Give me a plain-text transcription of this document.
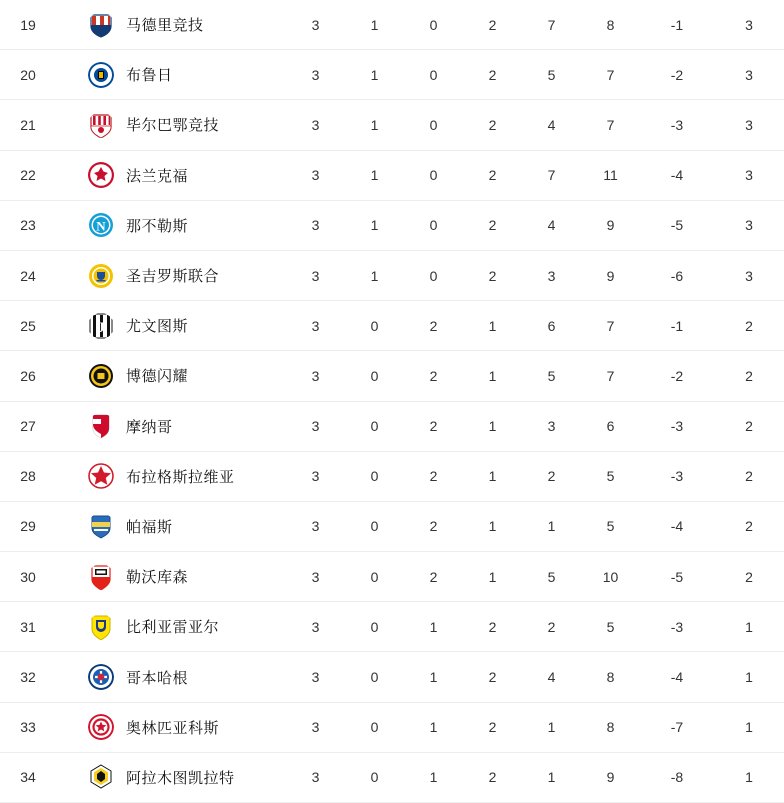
19	马德里竞技	3	1	0	2	7	8	-1	3
20	布鲁日	3	1	0	2	5	7	-2	3
21	毕尔巴鄂竞技	3	1	0	2	4	7	-3	3
22	法兰克福	3	1	0	2	7	11	-4	3
23	N 那不勒斯	3	1	0	2	4	9	-5	3
24	圣吉罗斯联合	3	1	0	2	3	9	-6	3
25	J 尤文图斯	3	0	2	1	6	7	-1	2
26	博德闪耀	3	0	2	1	5	7	-2	2
27	摩纳哥	3	0	2	1	3	6	-3	2
28	布拉格斯拉维亚	3	0	2	1	2	5	-3	2
29	帕福斯	3	0	2	1	1	5	-4	2
30	勒沃库森	3	0	2	1	5	10	-5	2
31	比利亚雷亚尔	3	0	1	2	2	5	-3	1
32	哥本哈根	3	0	1	2	4	8	-4	1
33	奥林匹亚科斯	3	0	1	2	1	8	-7	1
34	阿拉木图凯拉特	3	0	1	2	1	9	-8	1
